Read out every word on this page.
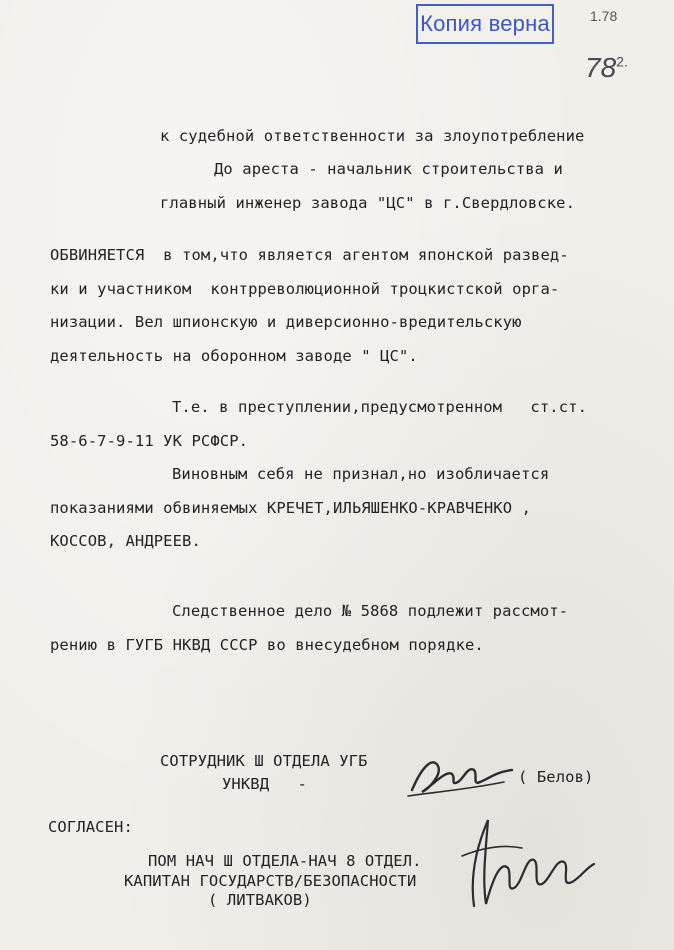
Копия верна	1.78
$78^{2.}$
к судебной ответственности за злоупотребление
До ареста - начальник строительства и
главный инженер завода "ЦС" в г.Свердловске.
ОБВИНЯЕТСЯ  в том,что является агентом японской развед-
ки и участником  контрреволюционной троцкистской орга-
низации. Вел шпионскую и диверсионно-вредительскую
деятельность на оборонном заводе " ЦС".
Т.е. в преступлении,предусмотренном   ст.ст.
58-6-7-9-11 УК РСФСР.
Виновным себя не признал,но изобличается
показаниями обвиняемых КРЕЧЕТ,ИЛЬЯШЕНКО-КРАВЧЕНКО ,
КОССОВ, АНДРЕЕВ.
Следственное дело № 5868 подлежит рассмот-
рению в ГУГБ НКВД СССР во внесудебном порядке.
СОТРУДНИК Ш ОТДЕЛА УГБ
УНКВД   -	( Белов)
СОГЛАСЕН:
ПОМ НАЧ Ш ОТДЕЛА-НАЧ 8 ОТДЕЛ.
КАПИТАН ГОСУДАРСТВ/БЕЗОПАСНОСТИ
( ЛИТВАКОВ)
